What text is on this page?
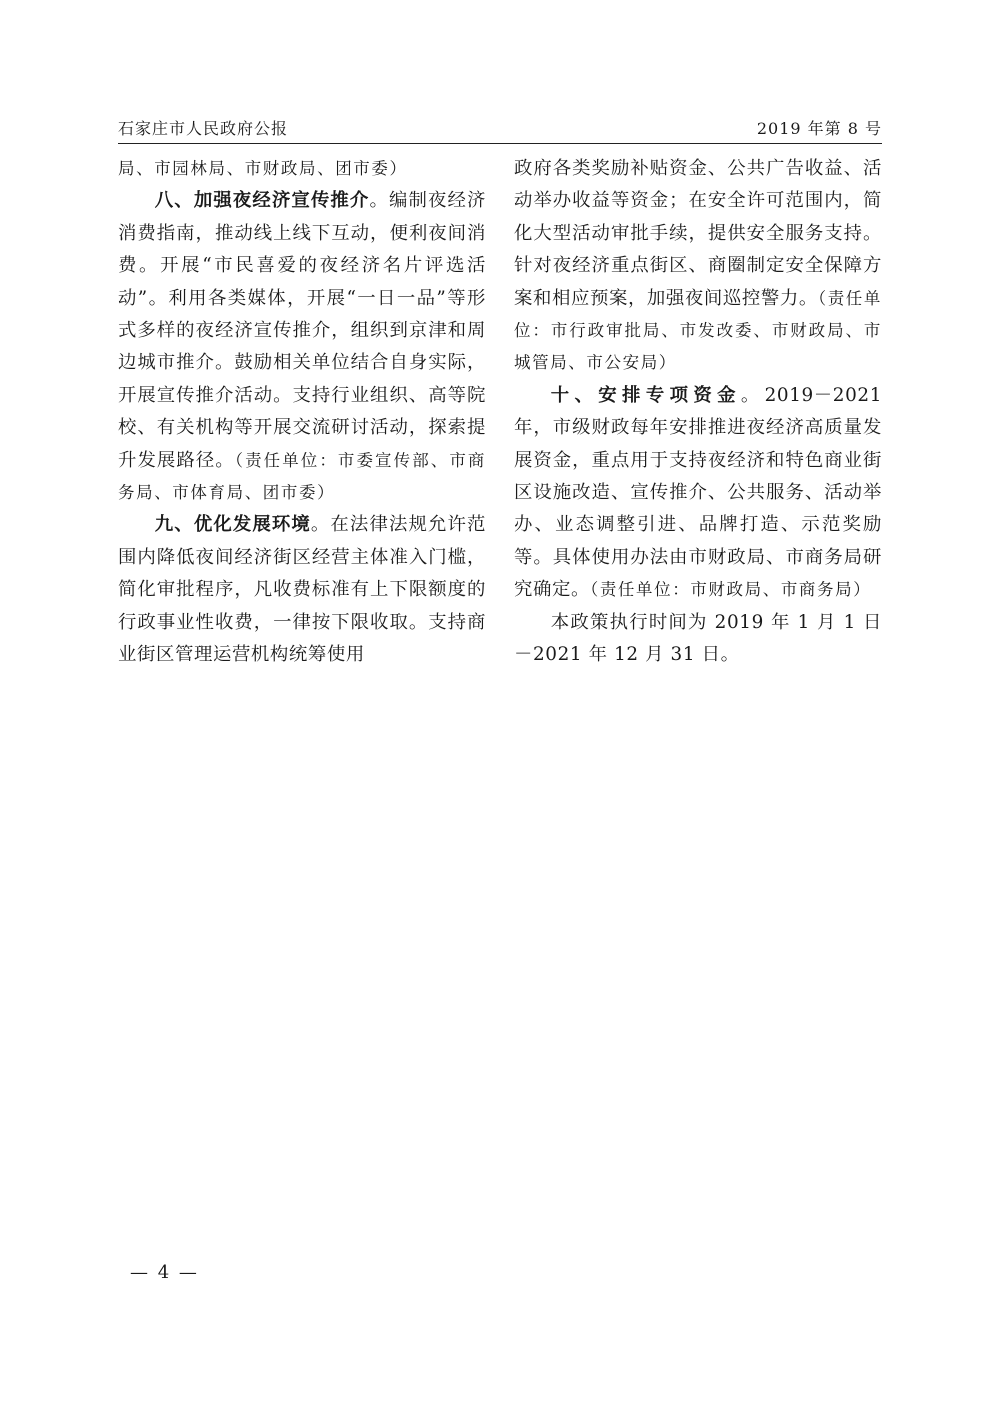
石家庄市人民政府公报	2019 年第 8 号

局、市园林局、市财政局、团市委）

八、加强夜经济宣传推介。编制夜经济消费指南，推动线上线下互动，便利夜间消费。开展“市民喜爱的夜经济名片评选活动”。利用各类媒体，开展“一日一品”等形式多样的夜经济宣传推介，组织到京津和周边城市推介。鼓励相关单位结合自身实际，开展宣传推介活动。支持行业组织、高等院校、有关机构等开展交流研讨活动，探索提升发展路径。（责任单位：市委宣传部、市商务局、市体育局、团市委）

九、优化发展环境。在法律法规允许范围内降低夜间经济街区经营主体准入门槛，简化审批程序，凡收费标准有上下限额度的行政事业性收费，一律按下限收取。支持商业街区管理运营机构统筹使用

政府各类奖励补贴资金、公共广告收益、活动举办收益等资金；在安全许可范围内，简化大型活动审批手续，提供安全服务支持。针对夜经济重点街区、商圈制定安全保障方案和相应预案，加强夜间巡控警力。（责任单位：市行政审批局、市发改委、市财政局、市城管局、市公安局）

十、安排专项资金。2019－2021 年，市级财政每年安排推进夜经济高质量发展资金，重点用于支持夜经济和特色商业街区设施改造、宣传推介、公共服务、活动举办、业态调整引进、品牌打造、示范奖励等。具体使用办法由市财政局、市商务局研究确定。（责任单位：市财政局、市商务局）

本政策执行时间为 2019 年 1 月 1 日－2021 年 12 月 31 日。

— 4 —
